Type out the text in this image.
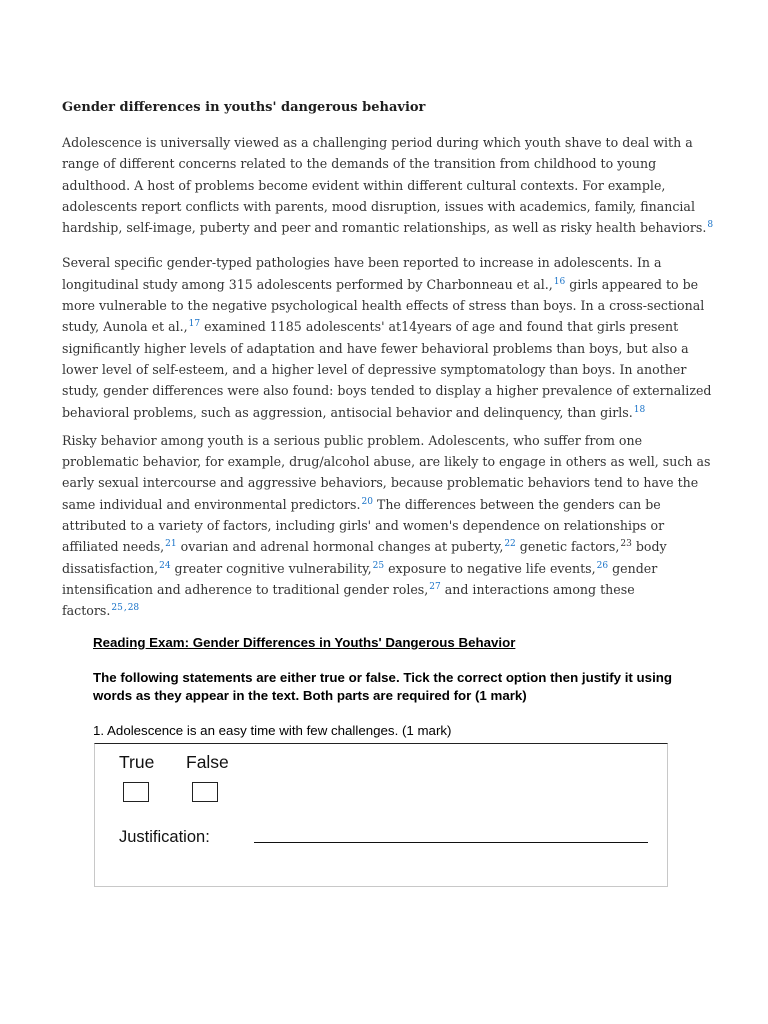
Gender differences in youths' dangerous behavior

Adolescence is universally viewed as a challenging period during which youth shave to deal with a range of different concerns related to the demands of the transition from childhood to young adulthood. A host of problems become evident within different cultural contexts. For example, adolescents report conflicts with parents, mood disruption, issues with academics, family, financial hardship, self-image, puberty and peer and romantic relationships, as well as risky health behaviors.$^8$

Several specific gender-typed pathologies have been reported to increase in adolescents. In a longitudinal study among 315 adolescents performed by Charbonneau et al.,$^{16}$ girls appeared to be more vulnerable to the negative psychological health effects of stress than boys. In a cross-sectional study, Aunola et al.,$^{17}$ examined 1185 adolescents' at14years of age and found that girls present significantly higher levels of adaptation and have fewer behavioral problems than boys, but also a lower level of self-esteem, and a higher level of depressive symptomatology than boys. In another study, gender differences were also found: boys tended to display a higher prevalence of externalized behavioral problems, such as aggression, antisocial behavior and delinquency, than girls.$^{18}$

Risky behavior among youth is a serious public problem. Adolescents, who suffer from one problematic behavior, for example, drug/alcohol abuse, are likely to engage in others as well, such as early sexual intercourse and aggressive behaviors, because problematic behaviors tend to have the same individual and environmental predictors.$^{20}$ The differences between the genders can be attributed to a variety of factors, including girls' and women's dependence on relationships or affiliated needs,$^{21}$ ovarian and adrenal hormonal changes at puberty,$^{22}$ genetic factors,$^{23}$ body dissatisfaction,$^{24}$ greater cognitive vulnerability,$^{25}$ exposure to negative life events,$^{26}$ gender intensification and adherence to traditional gender roles,$^{27}$ and interactions among these factors.$^{25,28}$

Reading Exam: Gender Differences in Youths' Dangerous Behavior
The following statements are either true or false. Tick the correct option then justify it using words as they appear in the text. Both parts are required for (1 mark)
1. Adolescence is an easy time with few challenges. (1 mark)
True False
Justification:
